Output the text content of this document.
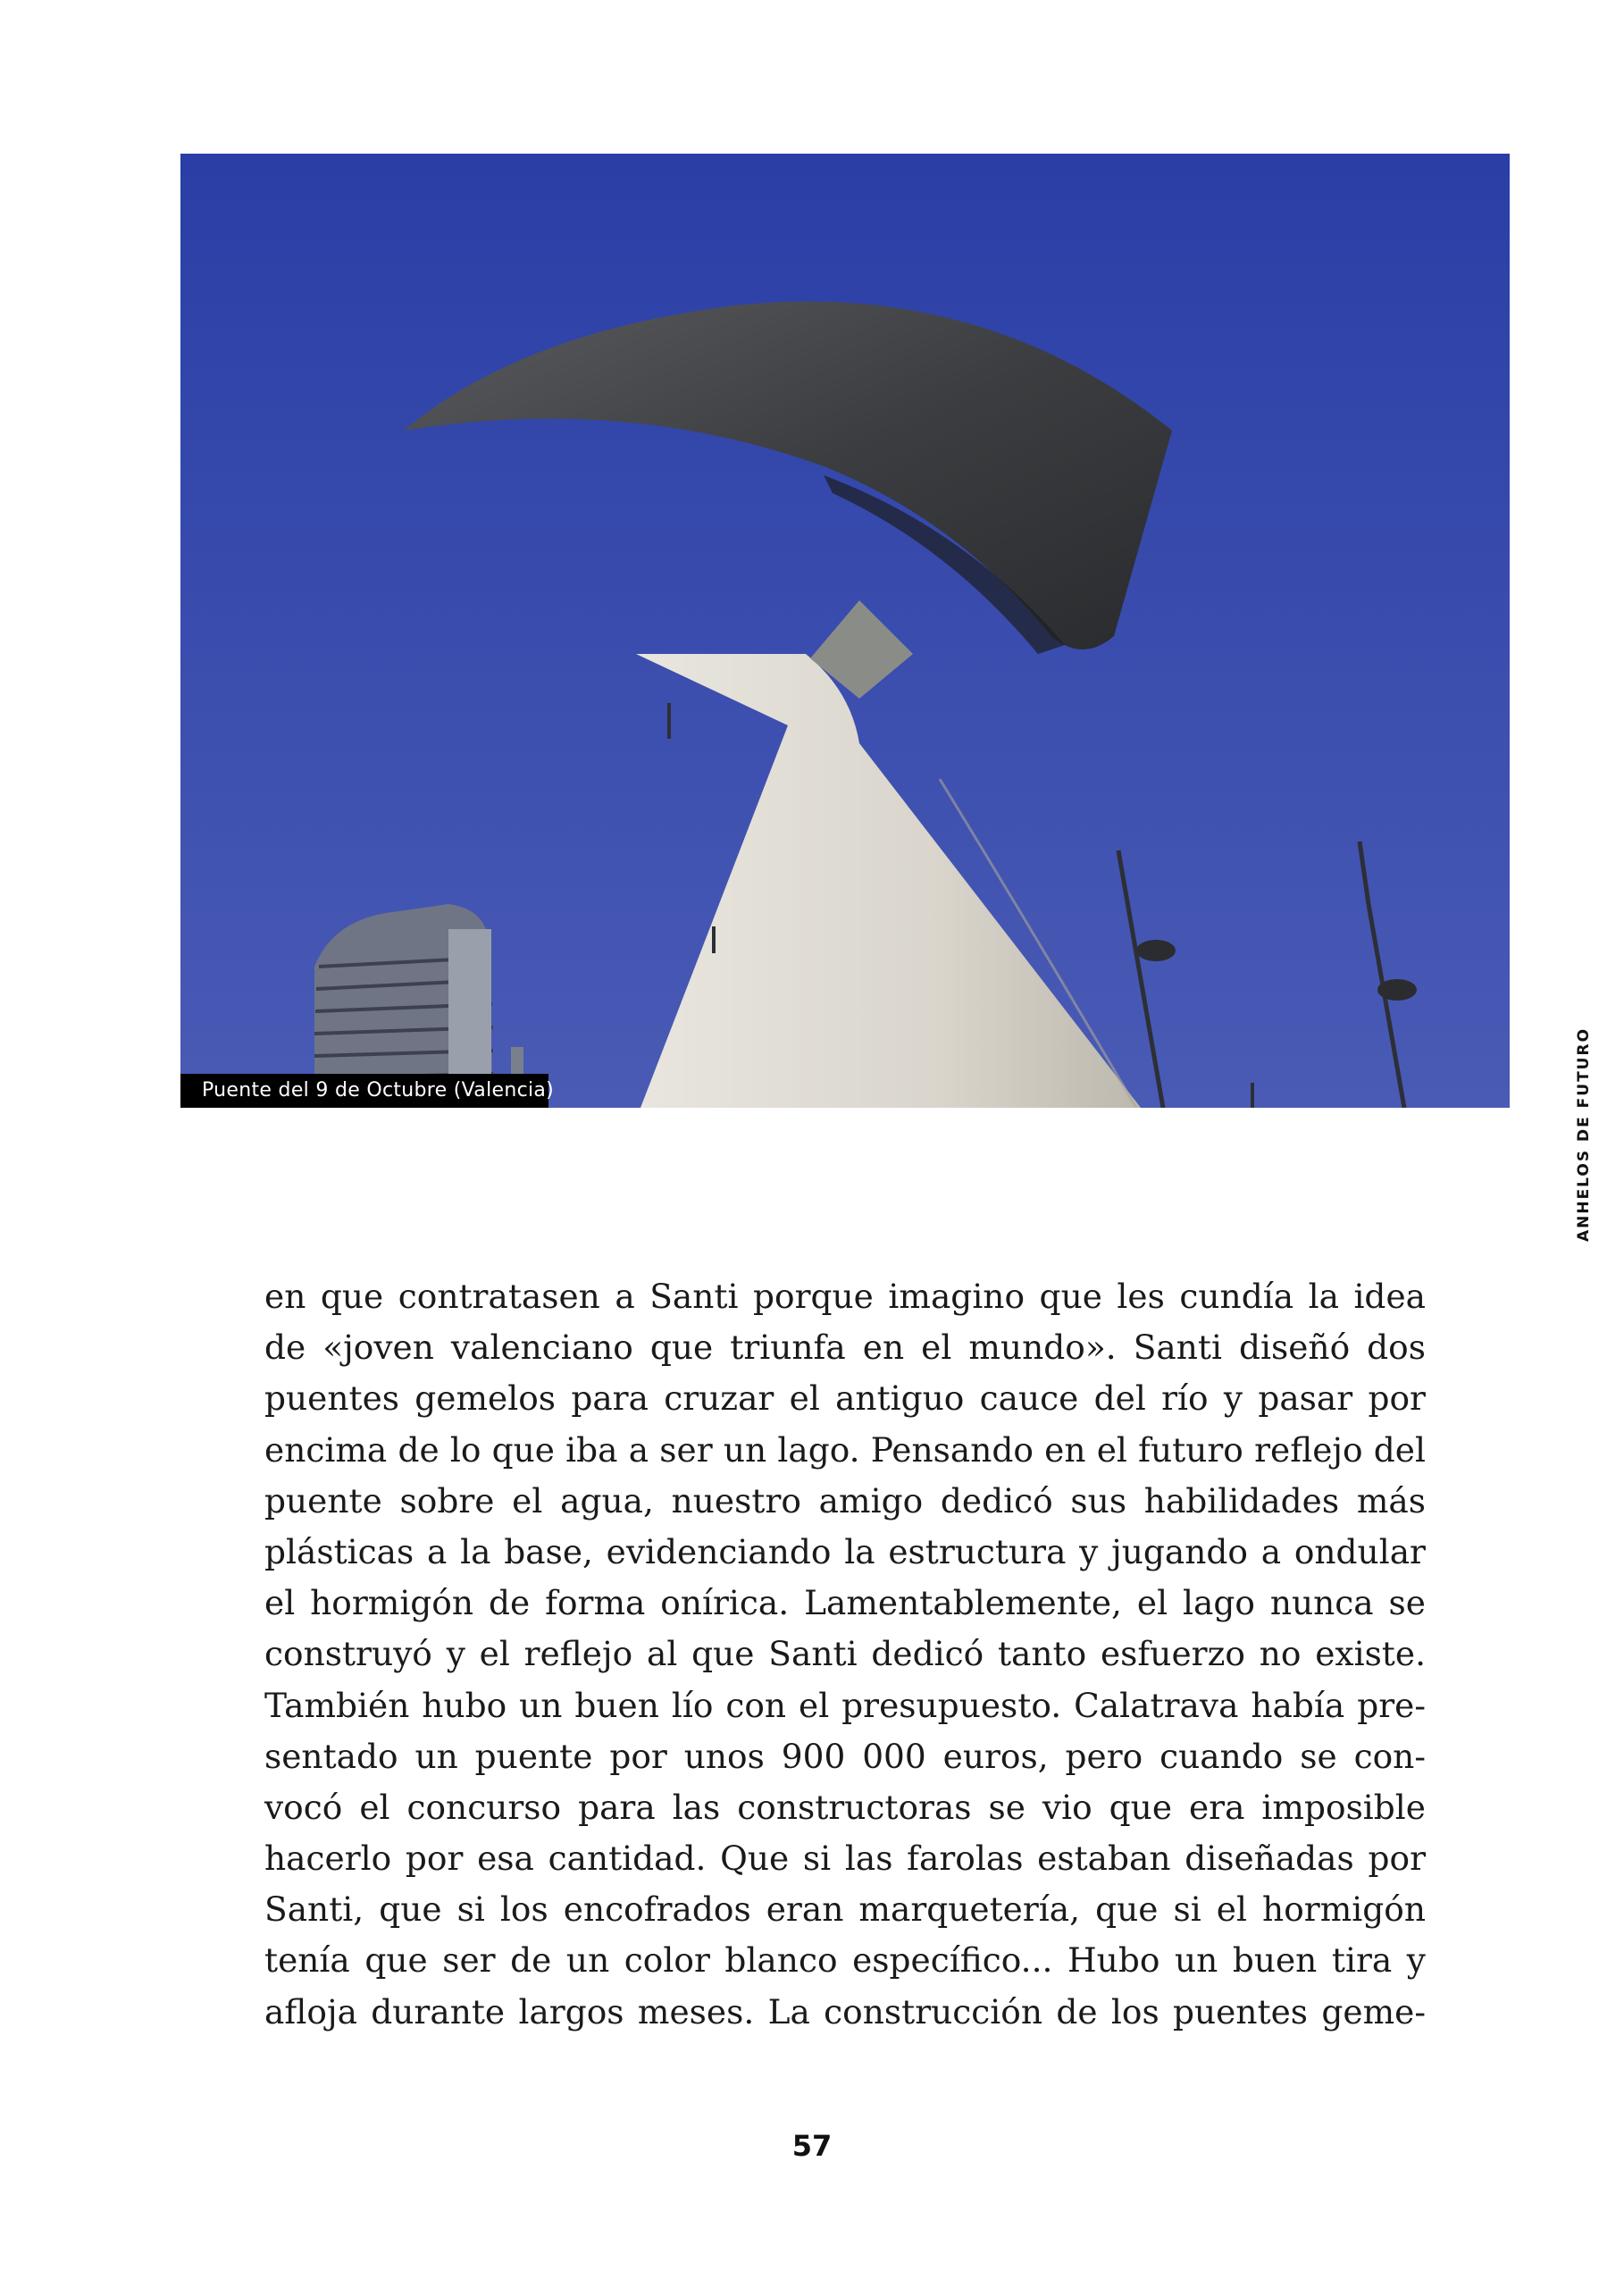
Puente del 9 de Octubre (Valencia)	ANHELOS DE FUTURO
en que contratasen a Santi porque imagino que les cundía la idea
de «joven valenciano que triunfa en el mundo». Santi diseñó dos
puentes gemelos para cruzar el antiguo cauce del río y pasar por
encima de lo que iba a ser un lago. Pensando en el futuro reflejo del
puente sobre el agua, nuestro amigo dedicó sus habilidades más
plásticas a la base, evidenciando la estructura y jugando a ondular
el hormigón de forma onírica. Lamentablemente, el lago nunca se
construyó y el reflejo al que Santi dedicó tanto esfuerzo no existe.
También hubo un buen lío con el presupuesto. Calatrava había pre-
sentado un puente por unos 900 000 euros, pero cuando se con-
vocó el concurso para las constructoras se vio que era imposible
hacerlo por esa cantidad. Que si las farolas estaban diseñadas por
Santi, que si los encofrados eran marquetería, que si el hormigón
tenía que ser de un color blanco específico... Hubo un buen tira y
afloja durante largos meses. La construcción de los puentes geme-
57
